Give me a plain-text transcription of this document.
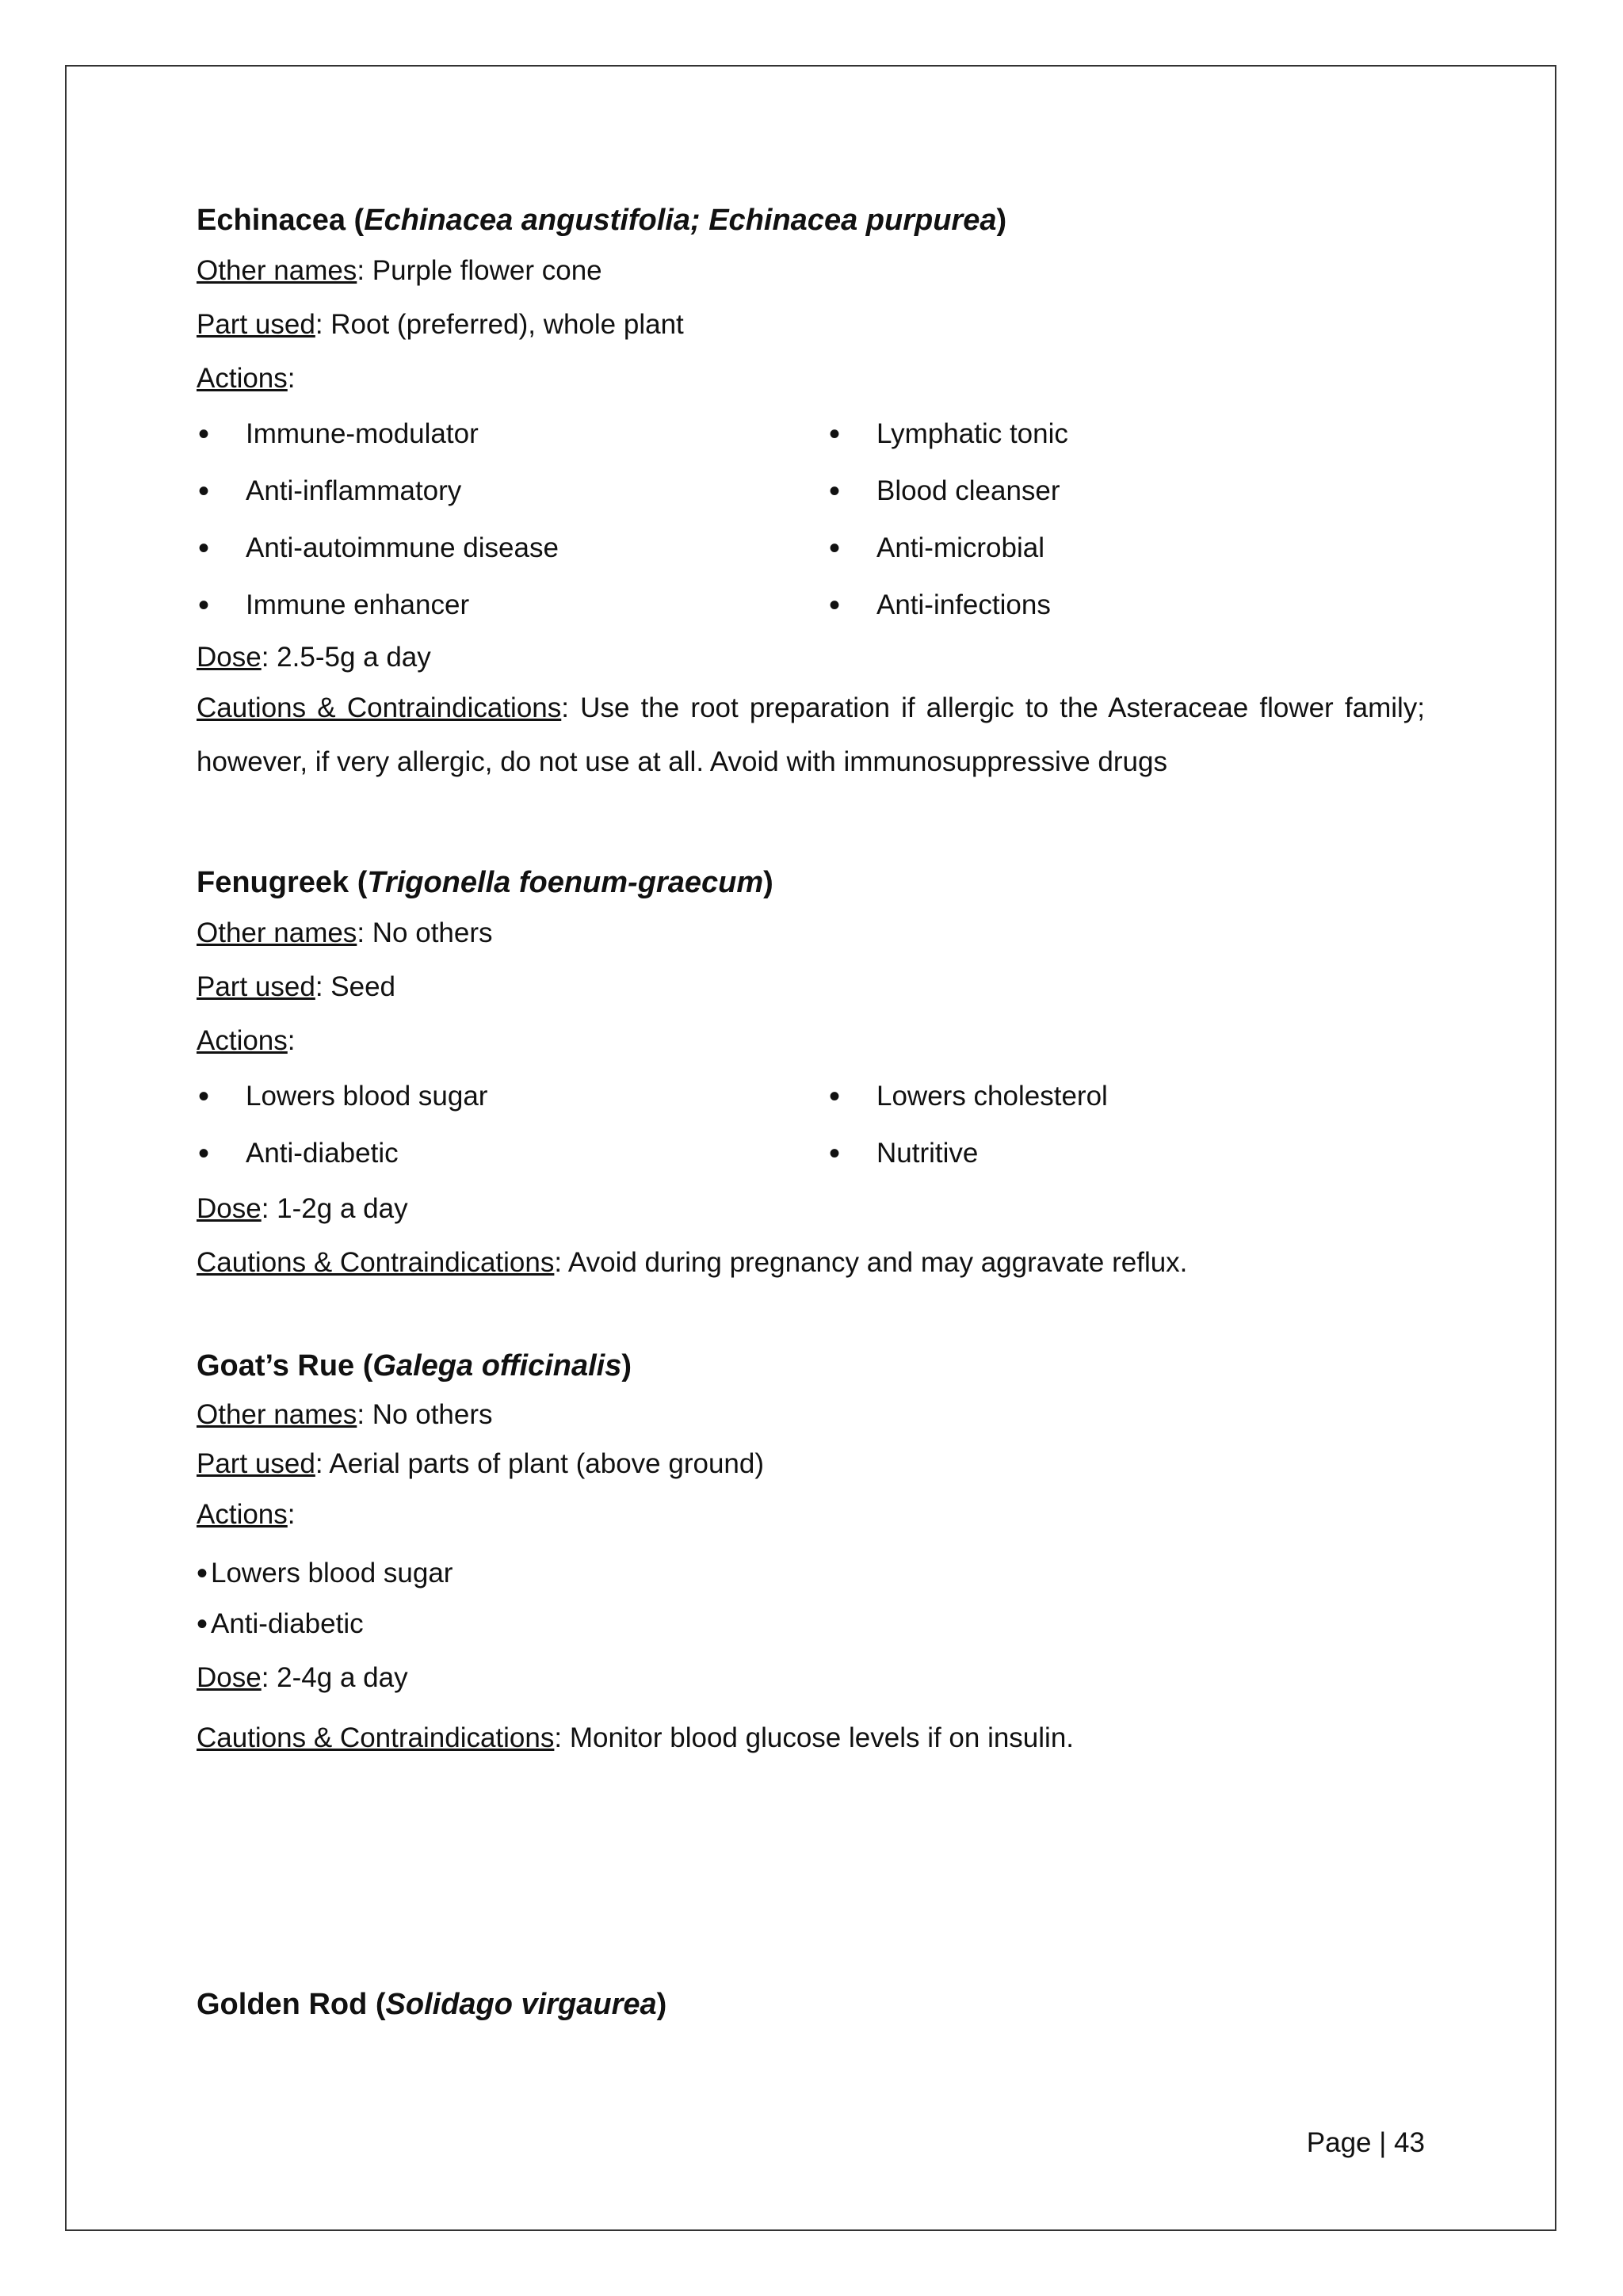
Echinacea (Echinacea angustifolia; Echinacea purpurea)

Other names: Purple flower cone

Part used: Root (preferred), whole plant

Actions:

• Immune-modulator	• Lymphatic tonic
• Anti-inflammatory	• Blood cleanser
• Anti-autoimmune disease	• Anti-microbial
• Immune enhancer	• Anti-infections

Dose: 2.5-5g a day

Cautions & Contraindications: Use the root preparation if allergic to the Asteraceae flower family; however, if very allergic, do not use at all. Avoid with immunosuppressive drugs

Fenugreek (Trigonella foenum-graecum)

Other names: No others

Part used: Seed

Actions:

• Lowers blood sugar	• Lowers cholesterol
• Anti-diabetic	• Nutritive

Dose: 1-2g a day

Cautions & Contraindications: Avoid during pregnancy and may aggravate reflux.

Goat’s Rue (Galega officinalis)

Other names: No others

Part used: Aerial parts of plant (above ground)

Actions:

• Lowers blood sugar
• Anti-diabetic

Dose: 2-4g a day

Cautions & Contraindications: Monitor blood glucose levels if on insulin.

Golden Rod (Solidago virgaurea)
Page | 43
